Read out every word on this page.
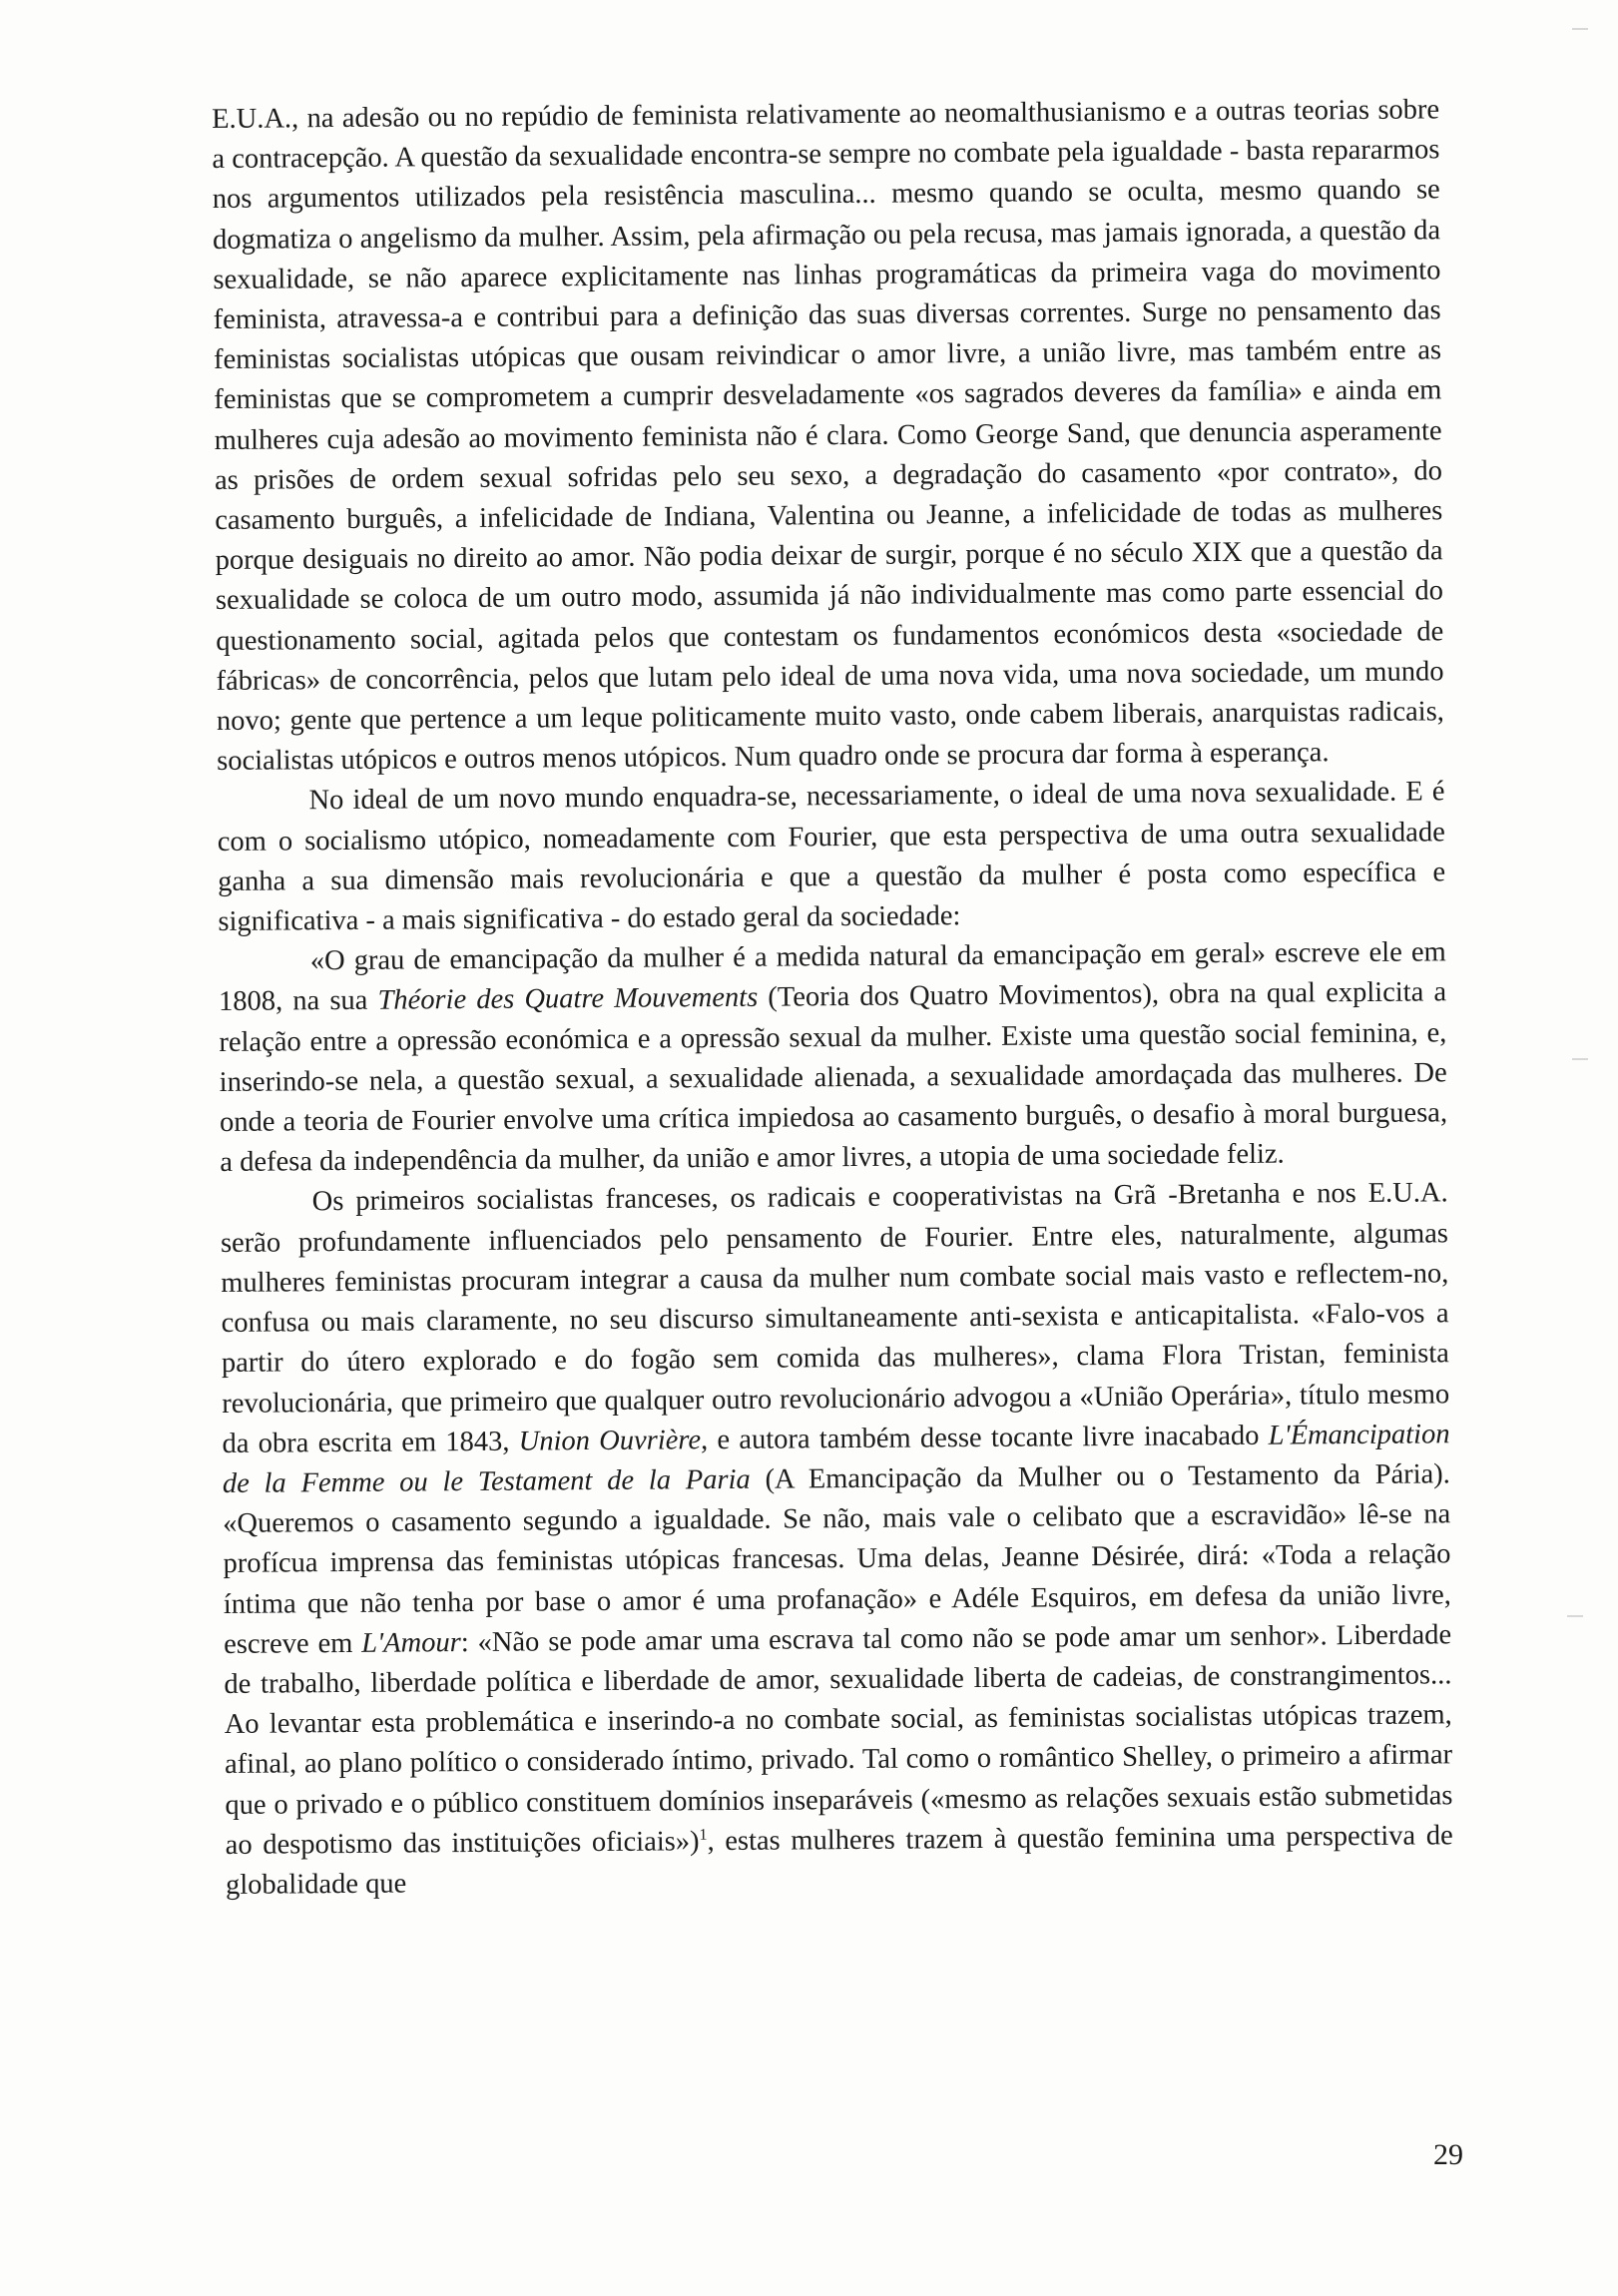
E.U.A., na adesão ou no repúdio de feminista relativamente ao neomalthusianismo e a outras teorias sobre a contracepção. A questão da sexualidade encontra-se sempre no combate pela igualdade - basta repararmos nos argumentos utilizados pela resistência masculina... mesmo quando se oculta, mesmo quando se dogmatiza o angelismo da mulher. Assim, pela afirmação ou pela recusa, mas jamais ignorada, a questão da sexualidade, se não aparece explicitamente nas linhas programáticas da primeira vaga do movimento feminista, atravessa-a e contribui para a definição das suas diversas correntes. Surge no pensamento das feministas socialistas utópicas que ousam reivindicar o amor livre, a união livre, mas também entre as feministas que se comprometem a cumprir desveladamente «os sagrados deveres da família» e ainda em mulheres cuja adesão ao movimento feminista não é clara. Como George Sand, que denuncia asperamente as prisões de ordem sexual sofridas pelo seu sexo, a degradação do casamento «por contrato», do casamento burguês, a infelicidade de Indiana, Valentina ou Jeanne, a infelicidade de todas as mulheres porque desiguais no direito ao amor. Não podia deixar de surgir, porque é no século XIX que a questão da sexualidade se coloca de um outro modo, assumida já não individualmente mas como parte essencial do questionamento social, agitada pelos que contestam os fundamentos económicos desta «sociedade de fábricas» de concorrência, pelos que lutam pelo ideal de uma nova vida, uma nova sociedade, um mundo novo; gente que pertence a um leque politicamente muito vasto, onde cabem liberais, anarquistas radicais, socialistas utópicos e outros menos utópicos. Num quadro onde se procura dar forma à esperança.

No ideal de um novo mundo enquadra-se, necessariamente, o ideal de uma nova sexualidade. E é com o socialismo utópico, nomeadamente com Fourier, que esta perspectiva de uma outra sexualidade ganha a sua dimensão mais revolucionária e que a questão da mulher é posta como específica e significativa - a mais significativa - do estado geral da sociedade:

«O grau de emancipação da mulher é a medida natural da emancipação em geral» escreve ele em 1808, na sua Théorie des Quatre Mouvements (Teoria dos Quatro Movimentos), obra na qual explicita a relação entre a opressão económica e a opressão sexual da mulher. Existe uma questão social feminina, e, inserindo-se nela, a questão sexual, a sexualidade alienada, a sexualidade amordaçada das mulheres. De onde a teoria de Fourier envolve uma crítica impiedosa ao casamento burguês, o desafio à moral burguesa, a defesa da independência da mulher, da união e amor livres, a utopia de uma sociedade feliz.

Os primeiros socialistas franceses, os radicais e cooperativistas na Grã -Bretanha e nos E.U.A. serão profundamente influenciados pelo pensamento de Fourier. Entre eles, naturalmente, algumas mulheres feministas procuram integrar a causa da mulher num combate social mais vasto e reflectem-no, confusa ou mais claramente, no seu discurso simultaneamente anti-sexista e anticapitalista. «Falo-vos a partir do útero explorado e do fogão sem comida das mulheres», clama Flora Tristan, feminista revolucionária, que primeiro que qualquer outro revolucionário advogou a «União Operária», título mesmo da obra escrita em 1843, Union Ouvrière, e autora também desse tocante livre inacabado L'Émancipation de la Femme ou le Testament de la Paria (A Emancipação da Mulher ou o Testamento da Pária). «Queremos o casamento segundo a igualdade. Se não, mais vale o celibato que a escravidão» lê-se na profícua imprensa das feministas utópicas francesas. Uma delas, Jeanne Désirée, dirá: «Toda a relação íntima que não tenha por base o amor é uma profanação» e Adéle Esquiros, em defesa da união livre, escreve em L'Amour: «Não se pode amar uma escrava tal como não se pode amar um senhor». Liberdade de trabalho, liberdade política e liberdade de amor, sexualidade liberta de cadeias, de constrangimentos... Ao levantar esta problemática e inserindo-a no combate social, as feministas socialistas utópicas trazem, afinal, ao plano político o considerado íntimo, privado. Tal como o romântico Shelley, o primeiro a afirmar que o privado e o público constituem domínios inseparáveis («mesmo as relações sexuais estão submetidas ao despotismo das instituições oficiais»)$^1$, estas mulheres trazem à questão feminina uma perspectiva de globalidade que

29
